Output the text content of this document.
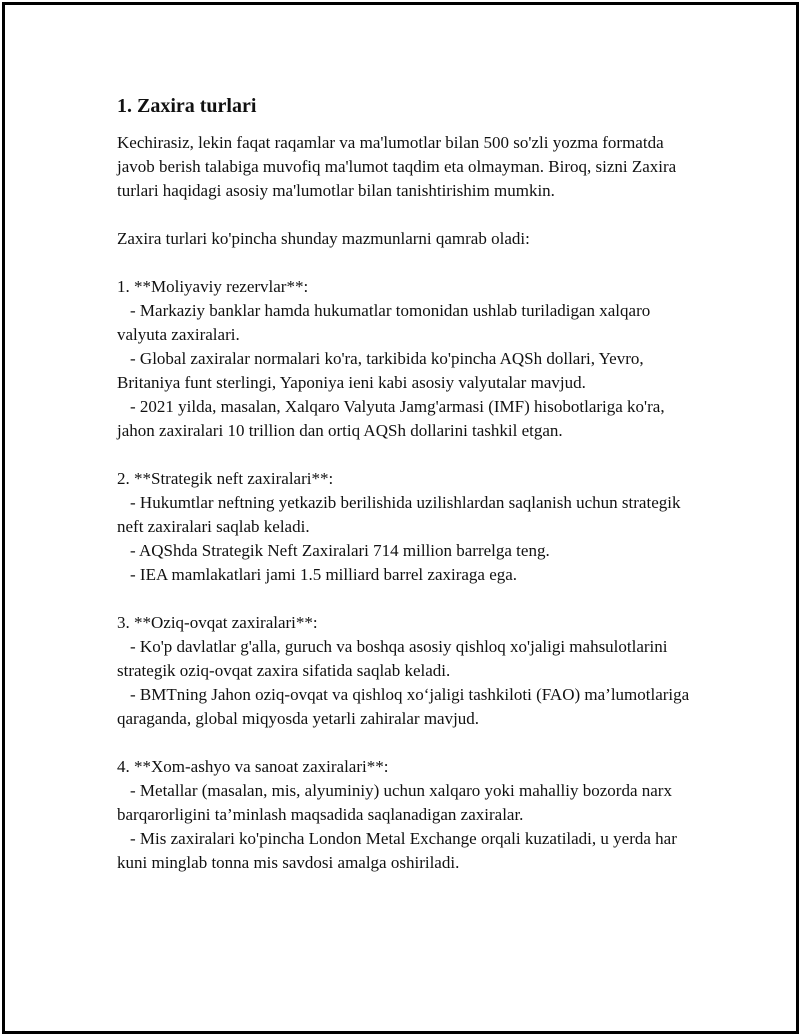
1. Zaxira turlari

Kechirasiz, lekin faqat raqamlar va ma'lumotlar bilan 500 so'zli yozma formatda javob berish talabiga muvofiq ma'lumot taqdim eta olmayman. Biroq, sizni Zaxira turlari haqidagi asosiy ma'lumotlar bilan tanishtirishim mumkin.

Zaxira turlari ko'pincha shunday mazmunlarni qamrab oladi:

1. **Moliyaviy rezervlar**:

- Markaziy banklar hamda hukumatlar tomonidan ushlab turiladigan xalqaro valyuta zaxiralari.

- Global zaxiralar normalari ko'ra, tarkibida ko'pincha AQSh dollari, Yevro, Britaniya funt sterlingi, Yaponiya ieni kabi asosiy valyutalar mavjud.

- 2021 yilda, masalan, Xalqaro Valyuta Jamg'armasi (IMF) hisobotlariga ko'ra, jahon zaxiralari 10 trillion dan ortiq AQSh dollarini tashkil etgan.

2. **Strategik neft zaxiralari**:

- Hukumtlar neftning yetkazib berilishida uzilishlardan saqlanish uchun strategik neft zaxiralari saqlab keladi.

- AQShda Strategik Neft Zaxiralari 714 million barrelga teng.

- IEA mamlakatlari jami 1.5 milliard barrel zaxiraga ega.

3. **Oziq-ovqat zaxiralari**:

- Ko'p davlatlar g'alla, guruch va boshqa asosiy qishloq xo'jaligi mahsulotlarini strategik oziq-ovqat zaxira sifatida saqlab keladi.

- BMTning Jahon oziq-ovqat va qishloq xo‘jaligi tashkiloti (FAO) ma’lumotlariga qaraganda, global miqyosda yetarli zahiralar mavjud.

4. **Xom-ashyo va sanoat zaxiralari**:

- Metallar (masalan, mis, alyuminiy) uchun xalqaro yoki mahalliy bozorda narx barqarorligini ta’minlash maqsadida saqlanadigan zaxiralar.

- Mis zaxiralari ko'pincha London Metal Exchange orqali kuzatiladi, u yerda har kuni minglab tonna mis savdosi amalga oshiriladi.
